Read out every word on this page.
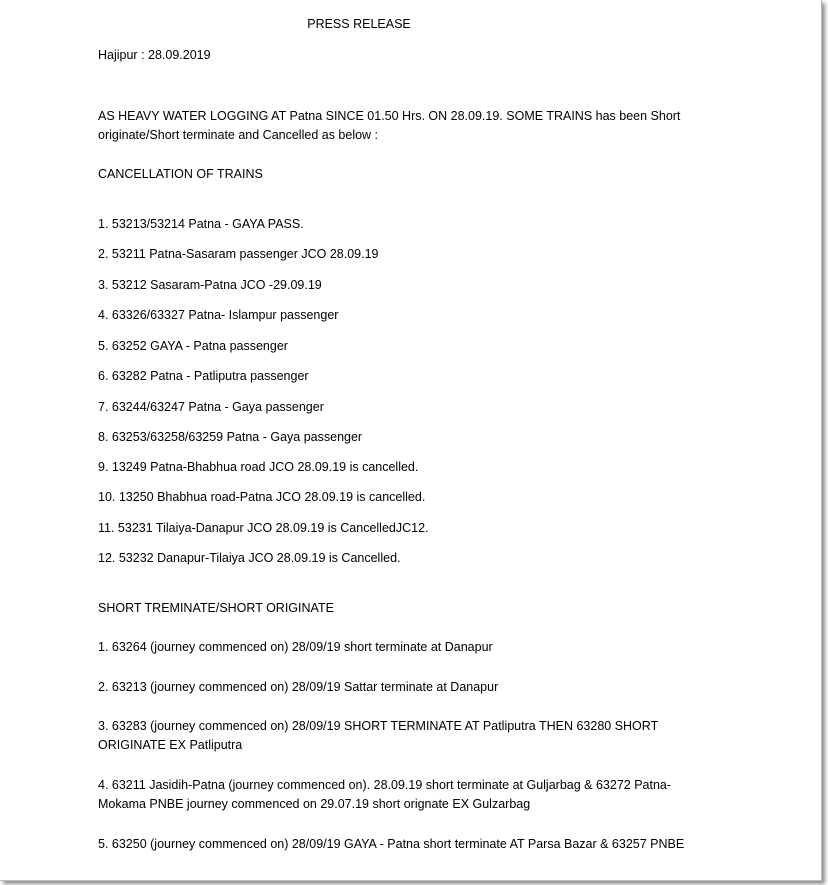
PRESS RELEASE
Hajipur : 28.09.2019
AS HEAVY WATER LOGGING AT Patna SINCE 01.50 Hrs. ON 28.09.19. SOME TRAINS has been Short
originate/Short terminate and Cancelled as below :
CANCELLATION OF TRAINS
1. 53213/53214 Patna - GAYA PASS.
2. 53211 Patna-Sasaram passenger JCO 28.09.19
3. 53212 Sasaram-Patna JCO -29.09.19
4. 63326/63327 Patna- Islampur passenger
5. 63252 GAYA - Patna passenger
6. 63282 Patna - Patliputra passenger
7. 63244/63247 Patna - Gaya passenger
8. 63253/63258/63259 Patna - Gaya passenger
9. 13249 Patna-Bhabhua road JCO 28.09.19 is cancelled.
10. 13250 Bhabhua road-Patna JCO 28.09.19 is cancelled.
11. 53231 Tilaiya-Danapur JCO 28.09.19 is CancelledJC12.
12. 53232 Danapur-Tilaiya JCO 28.09.19 is Cancelled.
SHORT TREMINATE/SHORT ORIGINATE
1. 63264 (journey commenced on) 28/09/19 short terminate at Danapur
2. 63213 (journey commenced on) 28/09/19 Sattar terminate at Danapur
3. 63283 (journey commenced on) 28/09/19 SHORT TERMINATE AT Patliputra THEN 63280 SHORT
ORIGINATE EX Patliputra
4. 63211 Jasidih-Patna (journey commenced on). 28.09.19 short terminate at Guljarbag & 63272 Patna-
Mokama PNBE journey commenced on 29.07.19 short orignate EX Gulzarbag
5. 63250 (journey commenced on) 28/09/19 GAYA - Patna short terminate AT Parsa Bazar & 63257 PNBE
